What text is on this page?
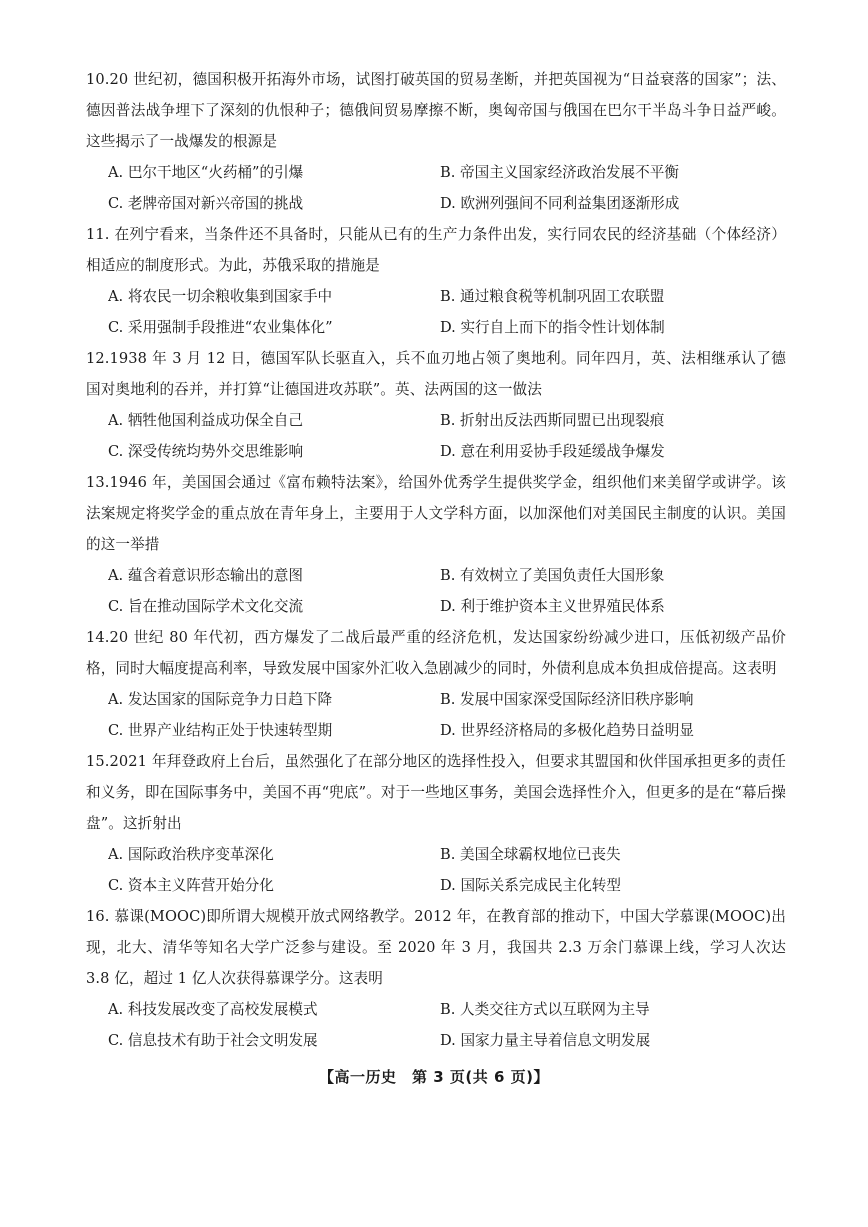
10.20 世纪初，德国积极开拓海外市场，试图打破英国的贸易垄断，并把英国视为“日益衰落的国家”；法、德因普法战争埋下了深刻的仇恨种子；德俄间贸易摩擦不断，奥匈帝国与俄国在巴尔干半岛斗争日益严峻。这些揭示了一战爆发的根源是

A. 巴尔干地区“火药桶”的引爆	B. 帝国主义国家经济政治发展不平衡
C. 老牌帝国对新兴帝国的挑战	D. 欧洲列强间不同利益集团逐渐形成

11. 在列宁看来，当条件还不具备时，只能从已有的生产力条件出发，实行同农民的经济基础（个体经济）相适应的制度形式。为此，苏俄采取的措施是

A. 将农民一切余粮收集到国家手中	B. 通过粮食税等机制巩固工农联盟
C. 采用强制手段推进“农业集体化”	D. 实行自上而下的指令性计划体制

12.1938 年 3 月 12 日，德国军队长驱直入，兵不血刃地占领了奥地利。同年四月，英、法相继承认了德国对奥地利的吞并，并打算“让德国进攻苏联”。英、法两国的这一做法

A. 牺牲他国利益成功保全自己	B. 折射出反法西斯同盟已出现裂痕
C. 深受传统均势外交思维影响	D. 意在利用妥协手段延缓战争爆发

13.1946 年，美国国会通过《富布赖特法案》，给国外优秀学生提供奖学金，组织他们来美留学或讲学。该法案规定将奖学金的重点放在青年身上，主要用于人文学科方面，以加深他们对美国民主制度的认识。美国的这一举措

A. 蕴含着意识形态输出的意图	B. 有效树立了美国负责任大国形象
C. 旨在推动国际学术文化交流	D. 利于维护资本主义世界殖民体系

14.20 世纪 80 年代初，西方爆发了二战后最严重的经济危机，发达国家纷纷减少进口，压低初级产品价格，同时大幅度提高利率，导致发展中国家外汇收入急剧减少的同时，外债利息成本负担成倍提高。这表明

A. 发达国家的国际竞争力日趋下降	B. 发展中国家深受国际经济旧秩序影响
C. 世界产业结构正处于快速转型期	D. 世界经济格局的多极化趋势日益明显

15.2021 年拜登政府上台后，虽然强化了在部分地区的选择性投入，但要求其盟国和伙伴国承担更多的责任和义务，即在国际事务中，美国不再“兜底”。对于一些地区事务，美国会选择性介入，但更多的是在“幕后操盘”。这折射出

A. 国际政治秩序变革深化	B. 美国全球霸权地位已丧失
C. 资本主义阵营开始分化	D. 国际关系完成民主化转型

16. 慕课(MOOC)即所谓大规模开放式网络教学。2012 年，在教育部的推动下，中国大学慕课(MOOC)出现，北大、清华等知名大学广泛参与建设。至 2020 年 3 月，我国共 2.3 万余门慕课上线，学习人次达 3.8 亿，超过 1 亿人次获得慕课学分。这表明

A. 科技发展改变了高校发展模式	B. 人类交往方式以互联网为主导
C. 信息技术有助于社会文明发展	D. 国家力量主导着信息文明发展
【高一历史　第 3 页(共 6 页)】
